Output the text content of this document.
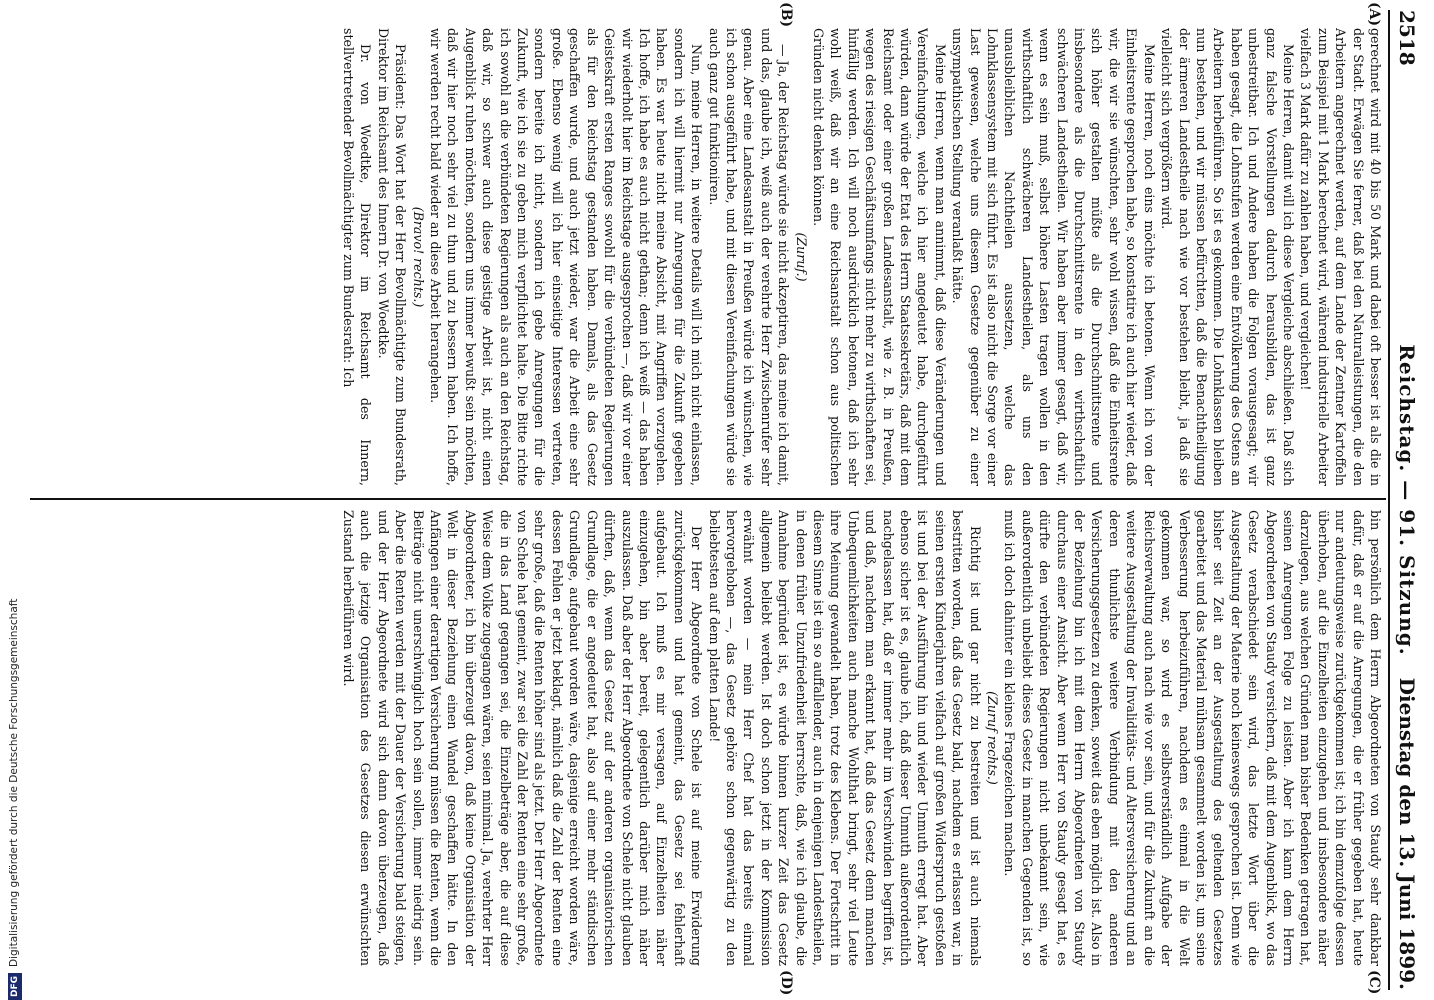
2518
Reichstag. — 91. Sitzung.
Dienstag den 13. Juni 1899.
(A)
(B)
(C)
(D)

gerechnet wird mit 40 bis 50 Mark und dabei oft besser ist als die in der Stadt. Erwägen Sie ferner, daß bei den Naturalleistungen, die den Arbeitern angerechnet werden, auf dem Lande der Zentner Kartoffeln zum Beispiel mit 1 Mark berechnet wird, während industrielle Arbeiter vielfach 3 Mark dafür zu zahlen haben, und vergleichen!

Meine Herren, damit will ich diese Vergleiche abschließen. Daß sich ganz falsche Vorstellungen dadurch herausbilden, das ist ganz unbestreitbar. Ich und Andere haben die Folgen vorausgesagt; wir haben gesagt, die Lohnstufen werden eine Entvölkerung des Ostens an Arbeitern herbeiführen. So ist es gekommen. Die Lohnklassen bleiben nun bestehen, und wir müssen befürchten, daß die Benachtheiligung der ärmeren Landestheile nach wie vor bestehen bleibt, ja daß sie vielleicht sich vergrößern wird.

Meine Herren, noch eins möchte ich betonen. Wenn ich von der Einheitsrente gesprochen habe, so konstatire ich auch hier wieder, daß wir, die wir sie wünschten, sehr wohl wissen, daß die Einheitsrente sich höher gestalten müßte als die Durchschnittsrente und insbesondere als die Durchschnittsrente in den wirthschaftlich schwächeren Landestheilen. Wir haben aber immer gesagt, daß wir, wenn es sein muß, selbst höhere Lasten tragen wollen in den wirthschaftlich schwächeren Landestheilen, als uns den unausbleiblichen Nachtheilen aussetzen, welche das Lohnklassensystem mit sich führt. Es ist also nicht die Sorge vor einer Last gewesen, welche uns diesem Gesetze gegenüber zu einer unsympathischen Stellung veranlaßt hätte.

Meine Herren, wenn man annimmt, daß diese Veränderungen und Vereinfachungen, welche ich hier angedeutet habe, durchgeführt würden, dann würde der Etat des Herrn Staatssekretärs, daß mit dem Reichsamt oder einer großen Landesanstalt, wie z. B. in Preußen, wegen des riesigen Geschäftsumfangs nicht mehr zu wirthschaften sei, hinfällig werden. Ich will noch ausdrücklich betonen, daß ich sehr wohl weiß, daß wir an eine Reichsanstalt schon aus politischen Gründen nicht denken können.

(Zuruf.)

— Ja, der Reichstag würde sie nicht akzeptiren, das meine ich damit, und das, glaube ich, weiß auch der verehrte Herr Zwischenrufer sehr genau. Aber eine Landesanstalt in Preußen würde ich wünschen, wie ich schon ausgeführt habe, und mit diesen Vereinfachungen würde sie auch ganz gut funktioniren.

Nun, meine Herren, in weitere Details will ich mich nicht einlassen, sondern ich will hiermit nur Anregungen für die Zukunft gegeben haben. Es war heute nicht meine Absicht, mit Angriffen vorzugehen. Ich hoffe, ich habe es auch nicht gethan; denn ich weiß — das haben wir wiederholt hier im Reichstage ausgesprochen —, daß wir vor einer Geisteskraft ersten Ranges sowohl für die verbündeten Regierungen als für den Reichstag gestanden haben. Damals, als das Gesetz geschaffen wurde, und auch jetzt wieder, war die Arbeit eine sehr große. Ebenso wenig will ich hier einseitige Interessen vertreten, sondern bereite ich nicht, sondern ich gebe Anregungen für die Zukunft, wie ich sie zu geben mich verpflichtet halte. Die Bitte richte ich sowohl an die verbündeten Regierungen als auch an den Reichstag, daß wir, so schwer auch diese geistige Arbeit ist, nicht einen Augenblick ruhen möchten, sondern uns immer bewußt sein möchten, daß wir hier noch sehr viel zu thun und zu bessern haben. Ich hoffe, wir werden recht bald wieder an diese Arbeit herangehen.

(Bravo! rechts.)

Präsident: Das Wort hat der Herr Bevollmächtigte zum Bundesrath, Direktor im Reichsamt des Innern Dr. von Woedtke.

Dr. von Woedtke, Direktor im Reichsamt des Innern, stellvertretender Bevollmächtigter zum Bundesrath: Ich

bin persönlich dem Herrn Abgeordneten von Staudy sehr dankbar dafür, daß er auf die Anregungen, die er früher gegeben hat, heute nur andeutungsweise zurückgekommen ist; ich bin demzufolge dessen überhoben, auf die Einzelheiten einzugehen und insbesondere näher darzulegen, aus welchen Gründen man bisher Bedenken getragen hat, seinen Anregungen Folge zu leisten. Aber ich kann dem Herrn Abgeordneten von Staudy versichern, daß mit dem Augenblick, wo das Gesetz verabschiedet sein wird, das letzte Wort über die Ausgestaltung der Materie noch keineswegs gesprochen ist. Denn wie bisher seit Zeit an der Ausgestaltung des geltenden Gesetzes gearbeitet und das Material mühsam gesammelt worden ist, um seine Verbesserung herbeizuführen, nachdem es einmal in die Welt gekommen war, so wird es selbstverständlich Aufgabe der Reichsverwaltung auch nach wie vor sein, und für die Zukunft an die weitere Ausgestaltung der Invaliditäts- und Altersversicherung und an deren thunlichste weitere Verbindung mit den anderen Versicherungsgesetzen zu denken, soweit das eben möglich ist. Also in der Beziehung bin ich mit dem Herrn Abgeordneten von Staudy durchaus einer Ansicht. Aber wenn Herr von Staudy gesagt hat, es dürfte den verbündeten Regierungen nicht unbekannt sein, wie außerordentlich unbeliebt dieses Gesetz in manchen Gegenden ist, so muß ich doch dahinter ein kleines Fragezeichen machen.

(Zuruf rechts.)

Richtig ist und gar nicht zu bestreiten und ist auch niemals bestritten worden, daß das Gesetz bald, nachdem es erlassen war, in seinen ersten Kinderjahren vielfach auf großen Widerspruch gestoßen ist und bei der Ausführung hin und wieder Unmuth erregt hat. Aber ebenso sicher ist es, glaube ich, daß dieser Unmuth außerordentlich nachgelassen hat, daß er immer mehr im Verschwinden begriffen ist, und daß, nachdem man erkannt hat, daß das Gesetz denn manchen Unbequemlichkeiten auch manche Wohlthat bringt, sehr viel Leute ihre Meinung gewandelt haben, trotz des Klebens. Der Fortschritt in diesem Sinne ist ein so auffallender, auch in denjenigen Landestheilen, in denen früher Unzufriedenheit herrschte, daß, wie ich glaube, die Annahme begründet ist, es würde binnen kurzer Zeit das Gesetz allgemein beliebt werden. Ist doch schon jetzt in der Kommission erwähnt worden — mein Herr Chef hat das bereits einmal hervorgehoben —, das Gesetz gehöre schon gegenwärtig zu den beliebtesten auf dem platten Lande!

Der Herr Abgeordnete von Schele ist auf meine Erwiderung zurückgekommen und hat gemeint, das Gesetz sei fehlerhaft aufgebaut. Ich muß es mir versagen, auf Einzelheiten näher einzugehen, bin aber bereit, gelegentlich darüber mich näher auszulassen. Daß aber der Herr Abgeordnete von Schele nicht glauben dürften, daß, wenn das Gesetz auf der anderen organisatorischen Grundlage, die er angedeutet hat, also auf einer mehr ständischen Grundlage, aufgebaut worden wäre, dasjenige erreicht worden wäre, dessen Fehlen er jetzt beklagt, nämlich daß die Zahl der Renten eine sehr große, daß die Renten höher sind als jetzt. Der Herr Abgeordnete von Schele hat gemeint, zwar sei die Zahl der Renten eine sehr große, die in das Land gegangen sei, die Einzelbeträge aber, die auf diese Weise dem Volke zugegangen wären, seien minimal. Ja, verehrter Herr Abgeordneter, ich bin überzeugt davon, daß keine Organisation der Welt in dieser Beziehung einen Wandel geschaffen hätte. In den Anfängen einer derartigen Versicherung müssen die Renten, wenn die Beiträge nicht unerschwinglich hoch sein sollen, immer niedrig sein. Aber die Renten werden mit der Dauer der Versicherung bald steigen, und der Herr Abgeordnete wird sich dann davon überzeugen, daß auch die jetzige Organisation des Gesetzes diesen erwünschten Zustand herbeiführen wird.

DFGDigitalisierung gefördert durch die Deutsche Forschungsgemeinschaft
